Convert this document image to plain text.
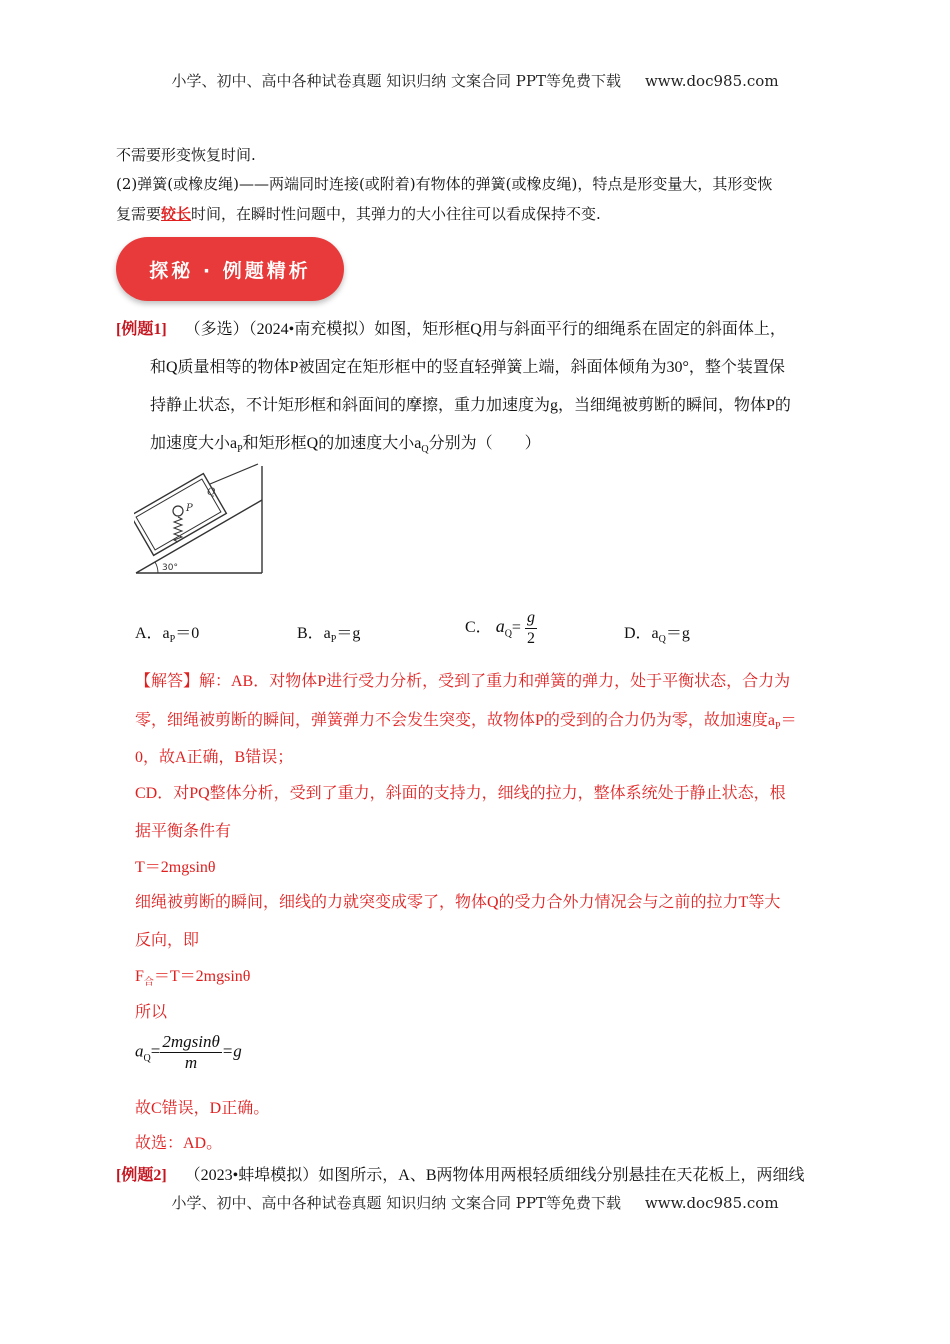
小学、初中、高中各种试卷真题 知识归纳 文案合同 PPT等免费下载 www.doc985.com
不需要形变恢复时间.
(2)弹簧(或橡皮绳)——两端同时连接(或附着)有物体的弹簧(或橡皮绳)，特点是形变量大，其形变恢
复需要较长时间，在瞬时性问题中，其弹力的大小往往可以看成保持不变.
探秘 · 例题精析
[例题1] （多选）（2024•南充模拟）如图，矩形框Q用与斜面平行的细绳系在固定的斜面体上，
和Q质量相等的物体P被固定在矩形框中的竖直轻弹簧上端，斜面体倾角为30°，整个装置保
持静止状态，不计矩形框和斜面间的摩擦，重力加速度为g，当细绳被剪断的瞬间，物体P的
加速度大小$a_P$和矩形框Q的加速度大小$a_Q$分别为（　　）
30°
Q
P
A．$a_P=0$	B．$a_P=g$	C． $a_Q= \frac{g}{2}$	D．$a_Q=g$
【解答】解：AB．对物体P进行受力分析，受到了重力和弹簧的弹力，处于平衡状态，合力为
零，细绳被剪断的瞬间，弹簧弹力不会发生突变，故物体P的受到的合力仍为零，故加速度$a_P=$
0，故A正确，B错误；
CD．对PQ整体分析，受到了重力，斜面的支持力，细线的拉力，整体系统处于静止状态，根
据平衡条件有
T＝2mgsinθ
细绳被剪断的瞬间，细线的力就突变成零了，物体Q的受力合外力情况会与之前的拉力T等大
反向，即
$F_合=T=2mgsin\theta$
所以
$a_Q= \frac{2mgsin\theta}{m} =g$
故C错误，D正确。
故选：AD。
[例题2] （2023•蚌埠模拟）如图所示，A、B两物体用两根轻质细线分别悬挂在天花板上，两细线
小学、初中、高中各种试卷真题 知识归纳 文案合同 PPT等免费下载 www.doc985.com
